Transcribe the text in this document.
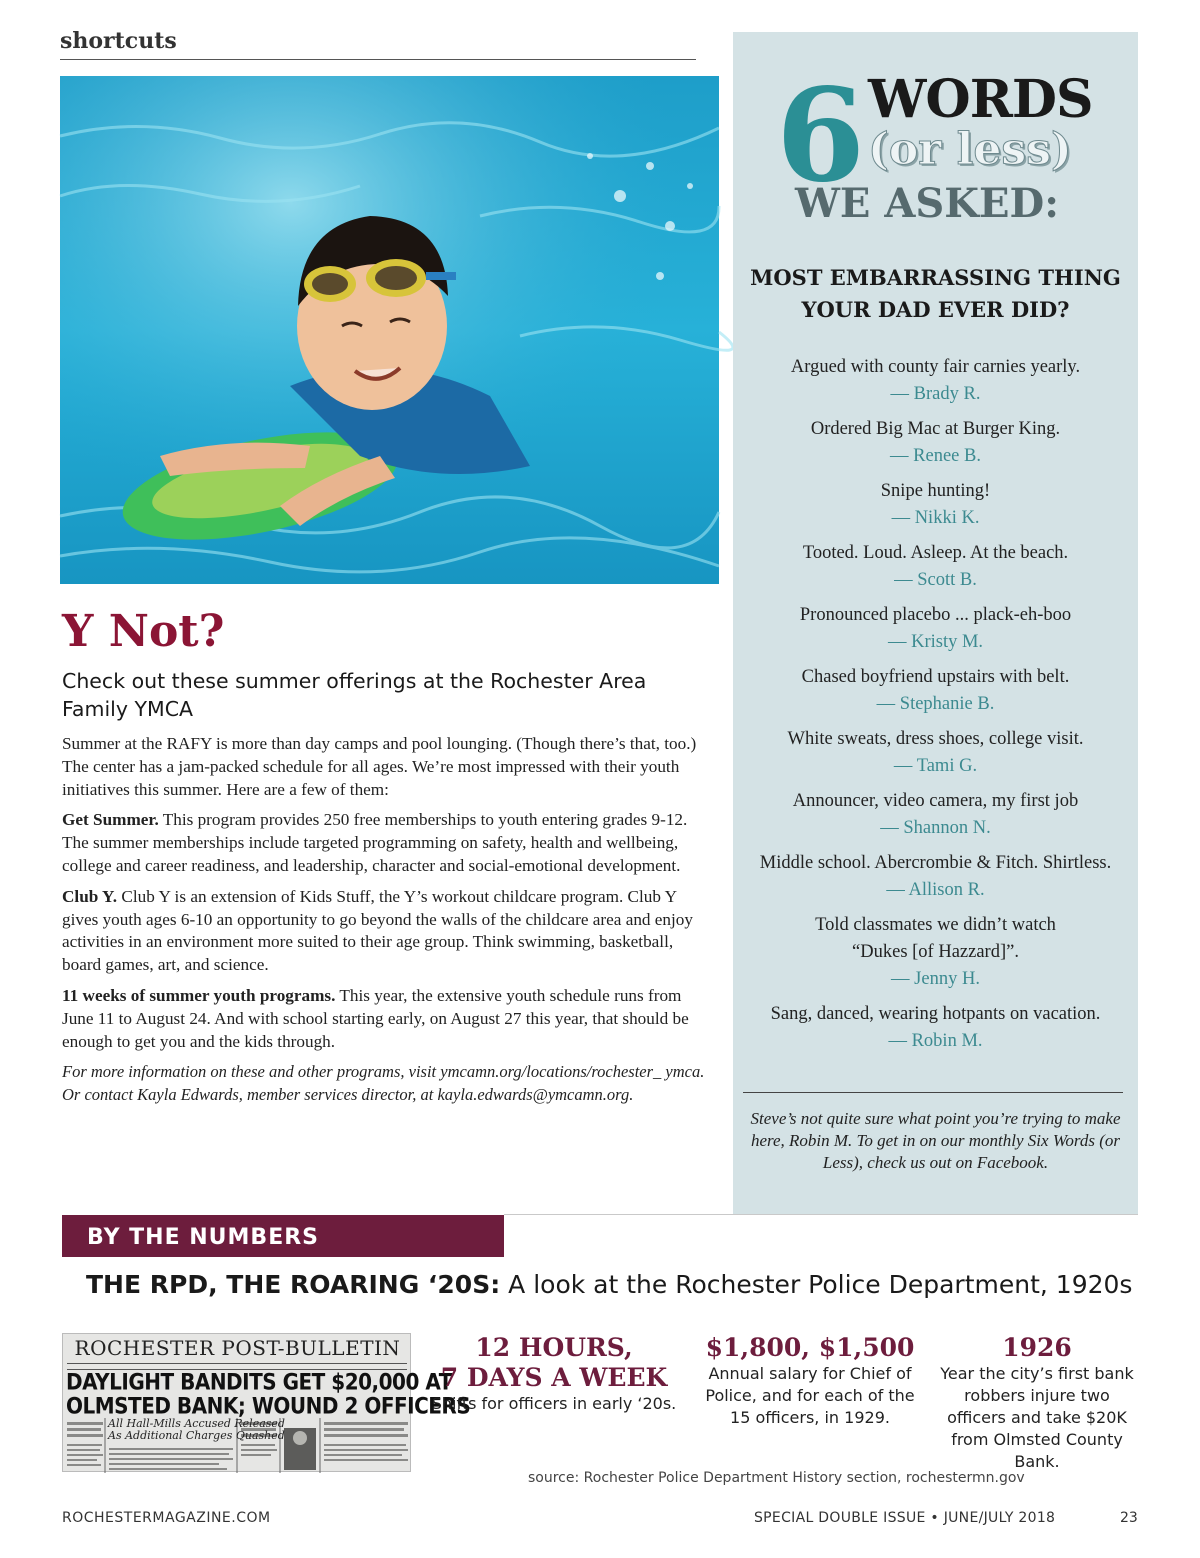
shortcuts
6 WORDS
(or less)
WE ASKED:
MOST EMBARRASSING THING
YOUR DAD EVER DID?
Argued with county fair carnies yearly.
— Brady R.
Ordered Big Mac at Burger King.
— Renee B.
Snipe hunting!
— Nikki K.
Tooted. Loud. Asleep. At the beach.
— Scott B.
Pronounced placebo ... plack-eh-boo
— Kristy M.
Chased boyfriend upstairs with belt.
— Stephanie B.
White sweats, dress shoes, college visit.
— Tami G.
Announcer, video camera, my first job
— Shannon N.
Middle school. Abercrombie & Fitch. Shirtless.
— Allison R.
Told classmates we didn’t watch
“Dukes [of Hazzard]”.
— Jenny H.
Sang, danced, wearing hotpants on vacation.
— Robin M.
Steve’s not quite sure what point you’re trying to make here, Robin M. To get in on our monthly Six Words (or Less), check us out on Facebook.
Y Not?
Check out these summer offerings at the Rochester Area Family YMCA

Summer at the RAFY is more than day camps and pool lounging. (Though there’s that, too.) The center has a jam-packed schedule for all ages. We’re most impressed with their youth initiatives this summer. Here are a few of them:

Get Summer. This program provides 250 free memberships to youth entering grades 9-12. The summer memberships include targeted programming on safety, health and wellbeing, college and career readiness, and leadership, character and social-emotional development.

Club Y. Club Y is an extension of Kids Stuff, the Y’s workout childcare program. Club Y gives youth ages 6-10 an opportunity to go beyond the walls of the childcare area and enjoy activities in an environment more suited to their age group. Think swimming, basketball, board games, art, and science.

11 weeks of summer youth programs. This year, the extensive youth schedule runs from June 11 to August 24. And with school starting early, on August 27 this year, that should be enough to get you and the kids through.

For more information on these and other programs, visit ymcamn.org/locations/rochester_ ymca. Or contact Kayla Edwards, member services director, at kayla.edwards@ymcamn.org.

BY THE NUMBERS
THE RPD, THE ROARING ‘20S: A look at the Rochester Police Department, 1920s
ROCHESTER POST-BULLETIN
DAYLIGHT BANDITS GET $20,000 AT
OLMSTED BANK; WOUND 2 OFFICERS
All Hall-Mills Accused Released
As Additional Charges Quashed
12 HOURS,
7 DAYS A WEEK
Shifts for officers in early ‘20s.
$1,800, $1,500
Annual salary for Chief of Police, and for each of the 15 officers, in 1929.
1926
Year the city’s first bank robbers injure two officers and take $20K from Olmsted County Bank.
source: Rochester Police Department History section, rochestermn.gov
ROCHESTERMAGAZINE.COM	SPECIAL DOUBLE ISSUE • JUNE/JULY 2018	23
